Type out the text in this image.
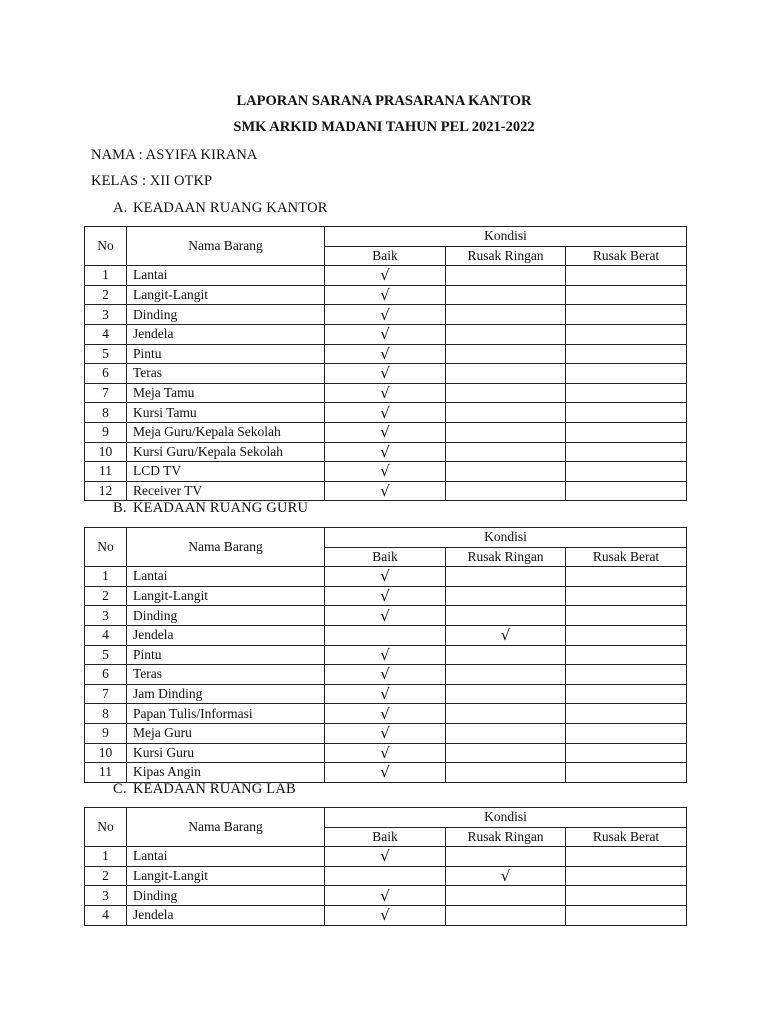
LAPORAN SARANA PRASARANA KANTOR
SMK ARKID MADANI TAHUN PEL 2021-2022
NAMA : ASYIFA KIRANA
KELAS : XII OTKP
A. KEADAAN RUANG KANTOR
No	Nama Barang	Kondisi		
		Baik	Rusak Ringan	Rusak Berat
1	Lantai	√		
2	Langit-Langit	√		
3	Dinding	√		
4	Jendela	√		
5	Pintu	√		
6	Teras	√		
7	Meja Tamu	√		
8	Kursi Tamu	√		
9	Meja Guru/Kepala Sekolah	√		
10	Kursi Guru/Kepala Sekolah	√		
11	LCD TV	√		
12	Receiver TV	√		
B. KEADAAN RUANG GURU
No	Nama Barang	Kondisi		
		Baik	Rusak Ringan	Rusak Berat
1	Lantai	√		
2	Langit-Langit	√		
3	Dinding	√		
4	Jendela		√	
5	Pintu	√		
6	Teras	√		
7	Jam Dinding	√		
8	Papan Tulis/Informasi	√		
9	Meja Guru	√		
10	Kursi Guru	√		
11	Kipas Angin	√		
C. KEADAAN RUANG LAB
No	Nama Barang	Kondisi		
		Baik	Rusak Ringan	Rusak Berat
1	Lantai	√		
2	Langit-Langit		√	
3	Dinding	√		
4	Jendela	√		
